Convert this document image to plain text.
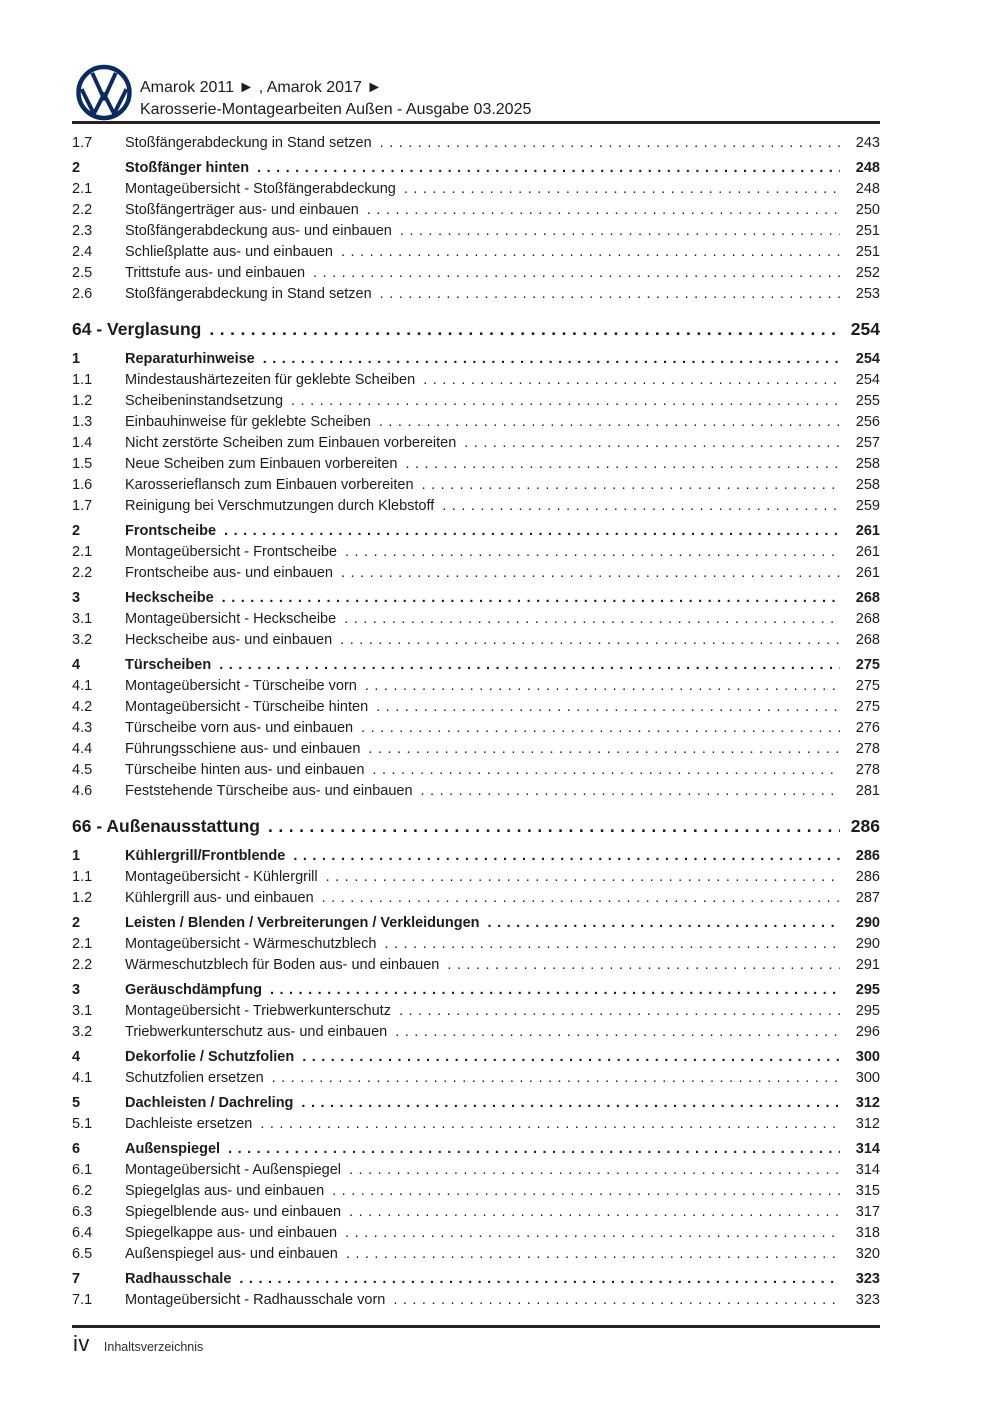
Amarok 2011 ► , Amarok 2017 ►
Karosserie-Montagearbeiten Außen - Ausgabe 03.2025
1.7	Stoßfängerabdeckung in Stand setzen .....	243
2	Stoßfänger hinten .....	248
2.1	Montageübersicht - Stoßfängerabdeckung .....	248
2.2	Stoßfängerträger aus- und einbauen .....	250
2.3	Stoßfängerabdeckung aus- und einbauen .....	251
2.4	Schließplatte aus- und einbauen .....	251
2.5	Trittstufe aus- und einbauen .....	252
2.6	Stoßfängerabdeckung in Stand setzen .....	253
64 - Verglasung .....	254
1	Reparaturhinweise .....	254
1.1	Mindestaushärtezeiten für geklebte Scheiben .....	254
1.2	Scheibeninstandsetzung .....	255
1.3	Einbauhinweise für geklebte Scheiben .....	256
1.4	Nicht zerstörte Scheiben zum Einbauen vorbereiten .....	257
1.5	Neue Scheiben zum Einbauen vorbereiten .....	258
1.6	Karosserieflansch zum Einbauen vorbereiten .....	258
1.7	Reinigung bei Verschmutzungen durch Klebstoff .....	259
2	Frontscheibe .....	261
2.1	Montageübersicht - Frontscheibe .....	261
2.2	Frontscheibe aus- und einbauen .....	261
3	Heckscheibe .....	268
3.1	Montageübersicht - Heckscheibe .....	268
3.2	Heckscheibe aus- und einbauen .....	268
4	Türscheiben .....	275
4.1	Montageübersicht - Türscheibe vorn .....	275
4.2	Montageübersicht - Türscheibe hinten .....	275
4.3	Türscheibe vorn aus- und einbauen .....	276
4.4	Führungsschiene aus- und einbauen .....	278
4.5	Türscheibe hinten aus- und einbauen .....	278
4.6	Feststehende Türscheibe aus- und einbauen .....	281
66 - Außenausstattung .....	286
1	Kühlergrill/Frontblende .....	286
1.1	Montageübersicht - Kühlergrill .....	286
1.2	Kühlergrill aus- und einbauen .....	287
2	Leisten / Blenden / Verbreiterungen / Verkleidungen .....	290
2.1	Montageübersicht - Wärmeschutzblech .....	290
2.2	Wärmeschutzblech für Boden aus- und einbauen .....	291
3	Geräuschdämpfung .....	295
3.1	Montageübersicht - Triebwerkunterschutz .....	295
3.2	Triebwerkunterschutz aus- und einbauen .....	296
4	Dekorfolie / Schutzfolien .....	300
4.1	Schutzfolien ersetzen .....	300
5	Dachleisten / Dachreling .....	312
5.1	Dachleiste ersetzen .....	312
6	Außenspiegel .....	314
6.1	Montageübersicht - Außenspiegel .....	314
6.2	Spiegelglas aus- und einbauen .....	315
6.3	Spiegelblende aus- und einbauen .....	317
6.4	Spiegelkappe aus- und einbauen .....	318
6.5	Außenspiegel aus- und einbauen .....	320
7	Radhausschale .....	323
7.1	Montageübersicht - Radhausschale vorn .....	323
iv Inhaltsverzeichnis
